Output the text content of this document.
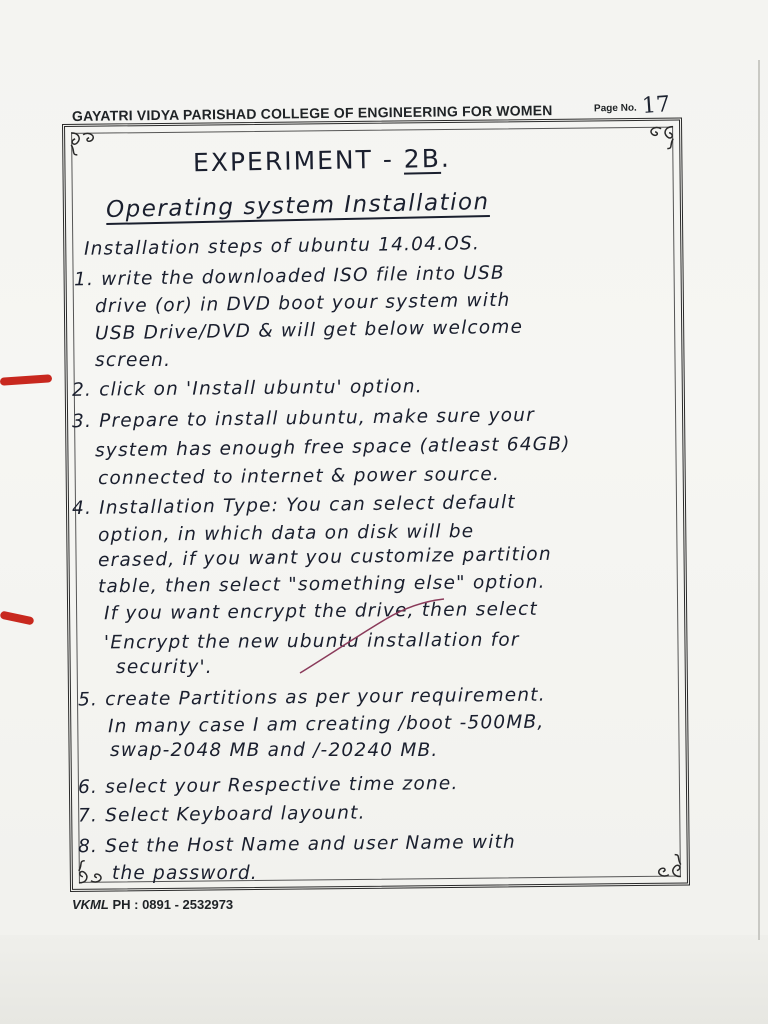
GAYATRI VIDYA PARISHAD COLLEGE OF ENGINEERING FOR WOMEN	Page No. 17
EXPERIMENT - 2B.
Operating system Installation
Installation steps of ubuntu 14.04.OS.
1. write the downloaded ISO file into USB
drive (or) in DVD boot your system with
USB Drive/DVD & will get below welcome
screen.
2. click on 'Install ubuntu' option.
3. Prepare to install ubuntu, make sure your
system has enough free space (atleast 64GB)
connected to internet & power source.
4. Installation Type: You can select default
option, in which data on disk will be
erased, if you want you customize partition
table, then select "something else" option.
If you want encrypt the drive, then select
'Encrypt the new ubuntu installation for
security'.
5. create Partitions as per your requirement.
In many case I am creating /boot -500MB,
swap-2048 MB and /-20240 MB.
6. select your Respective time zone.
7. Select Keyboard layount.
8. Set the Host Name and user Name with
the password.
VKML PH : 0891 - 2532973
